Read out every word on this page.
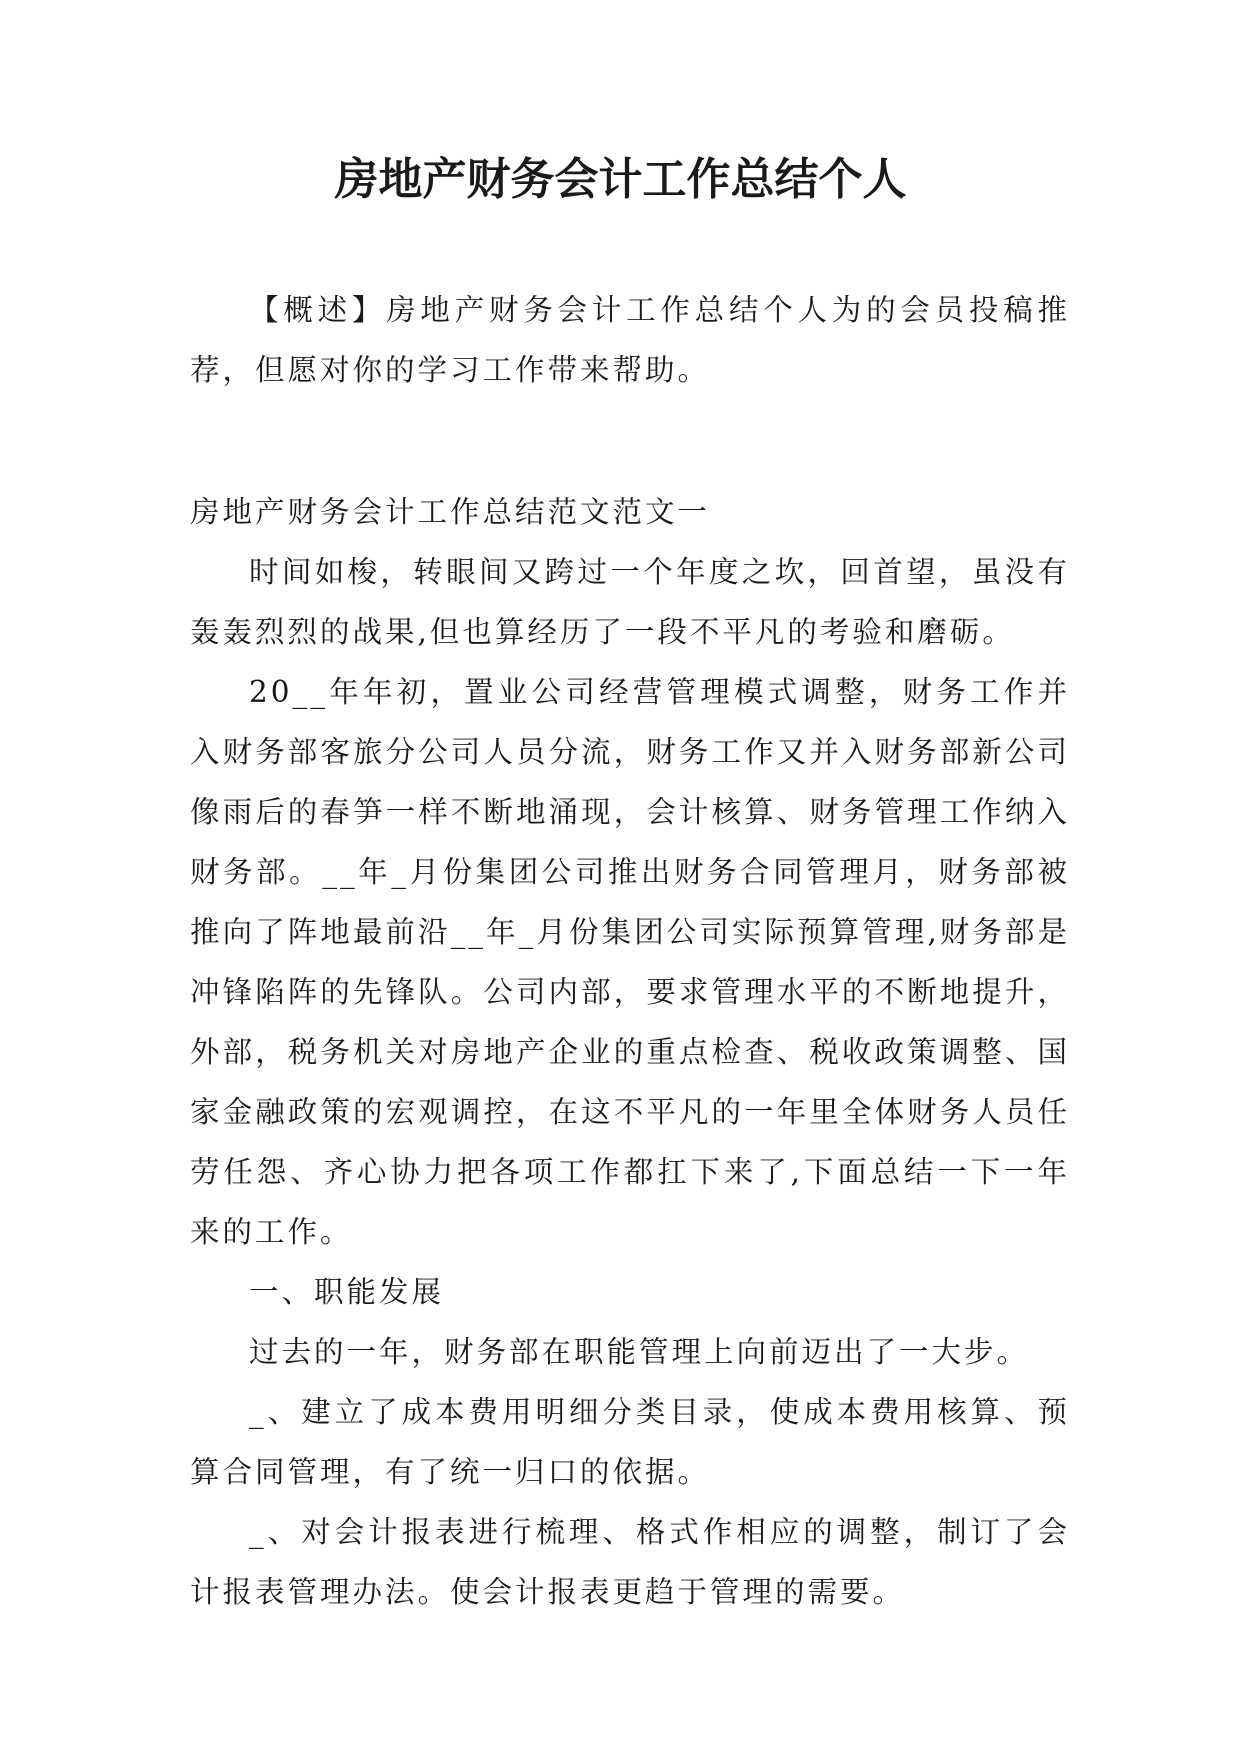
房地产财务会计工作总结个人

【概述】房地产财务会计工作总结个人为的会员投稿推荐，但愿对你的学习工作带来帮助。

房地产财务会计工作总结范文范文一

时间如梭，转眼间又跨过一个年度之坎，回首望，虽没有轰轰烈烈的战果,但也算经历了一段不平凡的考验和磨砺。

20__年年初，置业公司经营管理模式调整，财务工作并入财务部客旅分公司人员分流，财务工作又并入财务部新公司像雨后的春笋一样不断地涌现，会计核算、财务管理工作纳入财务部。__年_月份集团公司推出财务合同管理月，财务部被推向了阵地最前沿__年_月份集团公司实际预算管理,财务部是冲锋陷阵的先锋队。公司内部，要求管理水平的不断地提升，外部，税务机关对房地产企业的重点检查、税收政策调整、国家金融政策的宏观调控，在这不平凡的一年里全体财务人员任劳任怨、齐心协力把各项工作都扛下来了,下面总结一下一年来的工作。

一、职能发展

过去的一年，财务部在职能管理上向前迈出了一大步。

_、建立了成本费用明细分类目录，使成本费用核算、预算合同管理，有了统一归口的依据。

_、对会计报表进行梳理、格式作相应的调整，制订了会计报表管理办法。使会计报表更趋于管理的需要。
